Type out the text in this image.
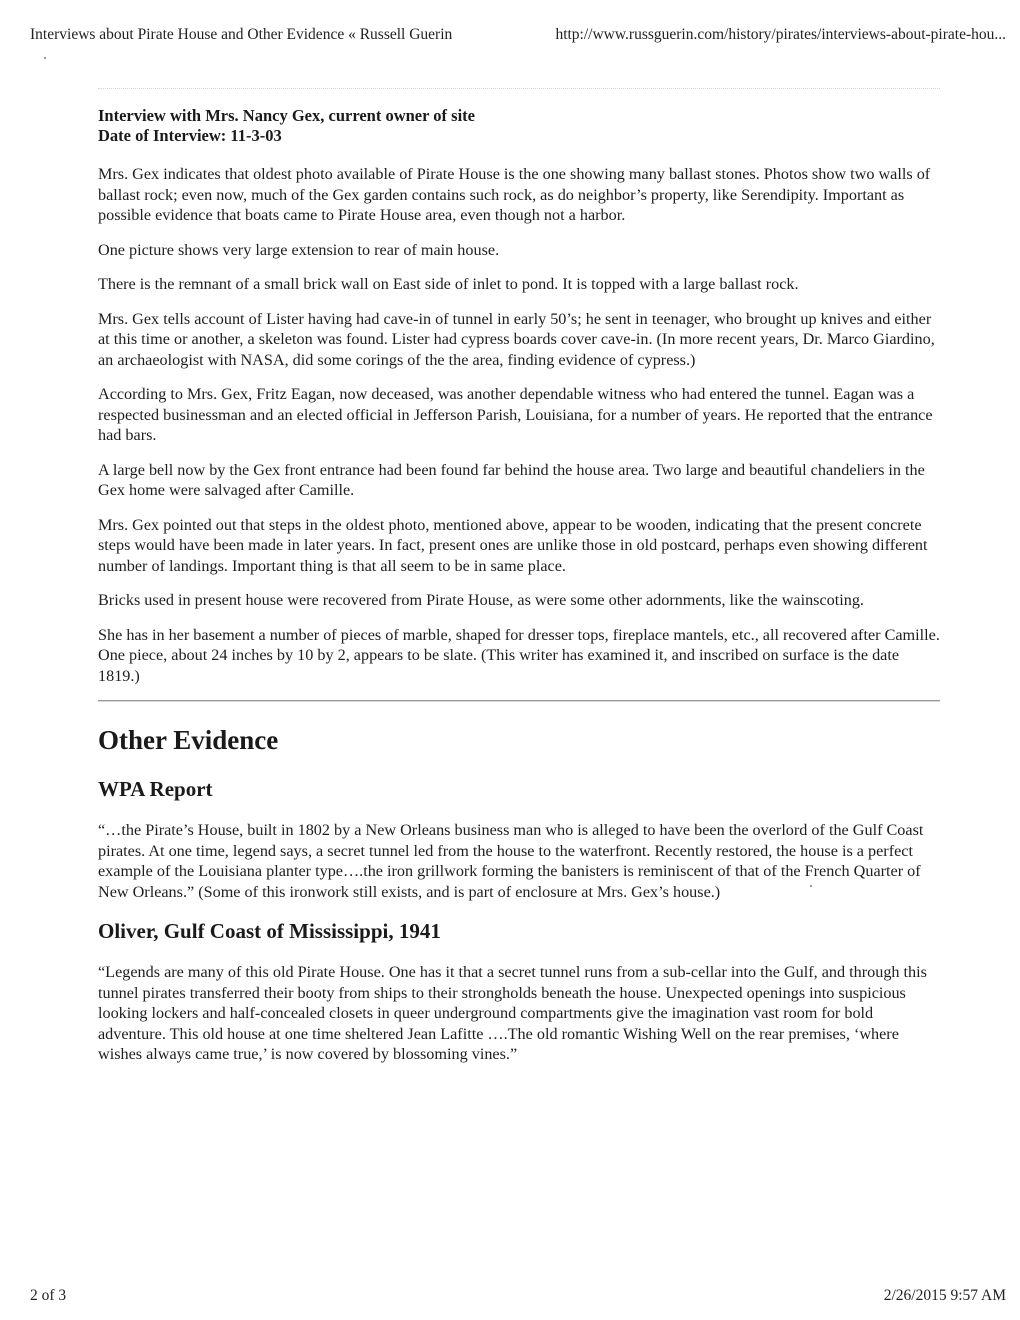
Interviews about Pirate House and Other Evidence « Russell Guerin	http://www.russguerin.com/history/pirates/interviews-about-pirate-hou...
Interview with Mrs. Nancy Gex, current owner of site
Date of Interview: 11-3-03

Mrs. Gex indicates that oldest photo available of Pirate House is the one showing many ballast stones. Photos show two walls of ballast rock; even now, much of the Gex garden contains such rock, as do neighbor’s property, like Serendipity. Important as possible evidence that boats came to Pirate House area, even though not a harbor.

One picture shows very large extension to rear of main house.

There is the remnant of a small brick wall on East side of inlet to pond. It is topped with a large ballast rock.

Mrs. Gex tells account of Lister having had cave-in of tunnel in early 50’s; he sent in teenager, who brought up knives and either at this time or another, a skeleton was found. Lister had cypress boards cover cave-in. (In more recent years, Dr. Marco Giardino, an archaeologist with NASA, did some corings of the the area, finding evidence of cypress.)

According to Mrs. Gex, Fritz Eagan, now deceased, was another dependable witness who had entered the tunnel. Eagan was a respected businessman and an elected official in Jefferson Parish, Louisiana, for a number of years. He reported that the entrance had bars.

A large bell now by the Gex front entrance had been found far behind the house area. Two large and beautiful chandeliers in the Gex home were salvaged after Camille.

Mrs. Gex pointed out that steps in the oldest photo, mentioned above, appear to be wooden, indicating that the present concrete steps would have been made in later years. In fact, present ones are unlike those in old postcard, perhaps even showing different number of landings. Important thing is that all seem to be in same place.

Bricks used in present house were recovered from Pirate House, as were some other adornments, like the wainscoting.

She has in her basement a number of pieces of marble, shaped for dresser tops, fireplace mantels, etc., all recovered after Camille. One piece, about 24 inches by 10 by 2, appears to be slate. (This writer has examined it, and inscribed on surface is the date 1819.)

Other Evidence
WPA Report

“…the Pirate’s House, built in 1802 by a New Orleans business man who is alleged to have been the overlord of the Gulf Coast pirates. At one time, legend says, a secret tunnel led from the house to the waterfront. Recently restored, the house is a perfect example of the Louisiana planter type….the iron grillwork forming the banisters is reminiscent of that of the French Quarter of New Orleans.” (Some of this ironwork still exists, and is part of enclosure at Mrs. Gex’s house.)

Oliver, Gulf Coast of Mississippi, 1941

“Legends are many of this old Pirate House. One has it that a secret tunnel runs from a sub-cellar into the Gulf, and through this tunnel pirates transferred their booty from ships to their strongholds beneath the house. Unexpected openings into suspicious looking lockers and half-concealed closets in queer underground compartments give the imagination vast room for bold adventure. This old house at one time sheltered Jean Lafitte ….The old romantic Wishing Well on the rear premises, ‘where wishes always came true,’ is now covered by blossoming vines.”

2 of 3	2/26/2015 9:57 AM
